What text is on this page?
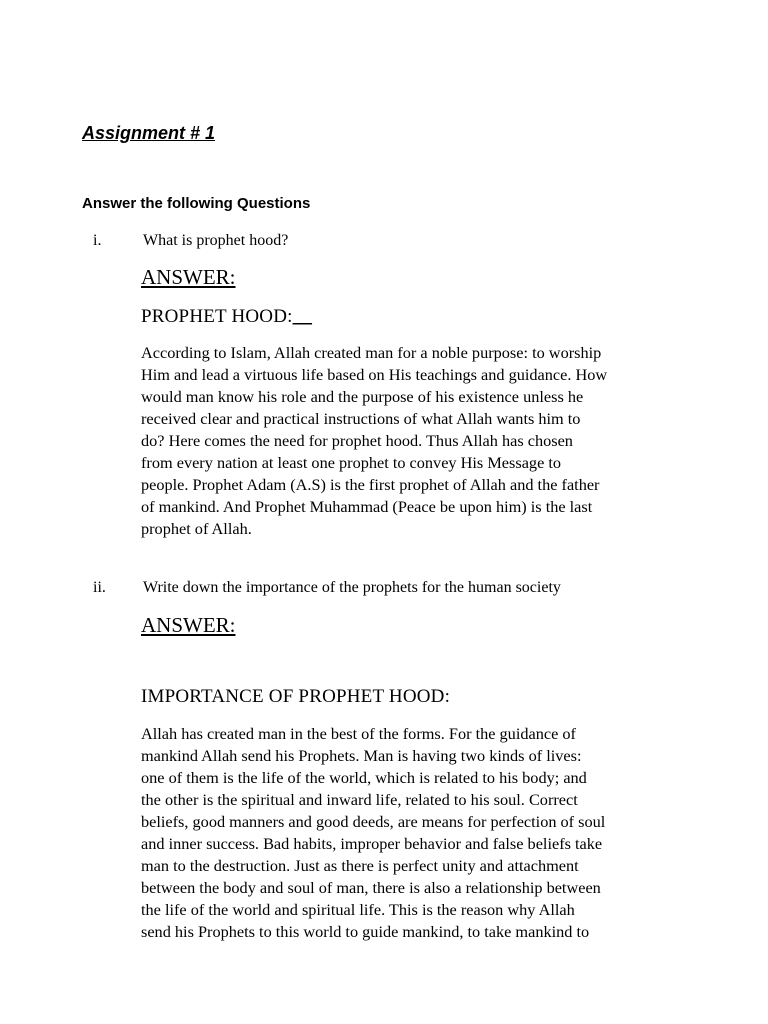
Assignment # 1
Answer the following Questions
i.	What is prophet hood?
ANSWER:
PROPHET HOOD:__
According to Islam, Allah created man for a noble purpose: to worship
Him and lead a virtuous life based on His teachings and guidance. How
would man know his role and the purpose of his existence unless he
received clear and practical instructions of what Allah wants him to
do? Here comes the need for prophet hood. Thus Allah has chosen
from every nation at least one prophet to convey His Message to
people. Prophet Adam (A.S) is the first prophet of Allah and the father
of mankind. And Prophet Muhammad (Peace be upon him) is the last
prophet of Allah.
ii. Write down the importance of the prophets for the human society
ANSWER:
IMPORTANCE OF PROPHET HOOD:
Allah has created man in the best of the forms. For the guidance of
mankind Allah send his Prophets. Man is having two kinds of lives:
one of them is the life of the world, which is related to his body; and
the other is the spiritual and inward life, related to his soul. Correct
beliefs, good manners and good deeds, are means for perfection of soul
and inner success. Bad habits, improper behavior and false beliefs take
man to the destruction. Just as there is perfect unity and attachment
between the body and soul of man, there is also a relationship between
the life of the world and spiritual life. This is the reason why Allah
send his Prophets to this world to guide mankind, to take mankind to
